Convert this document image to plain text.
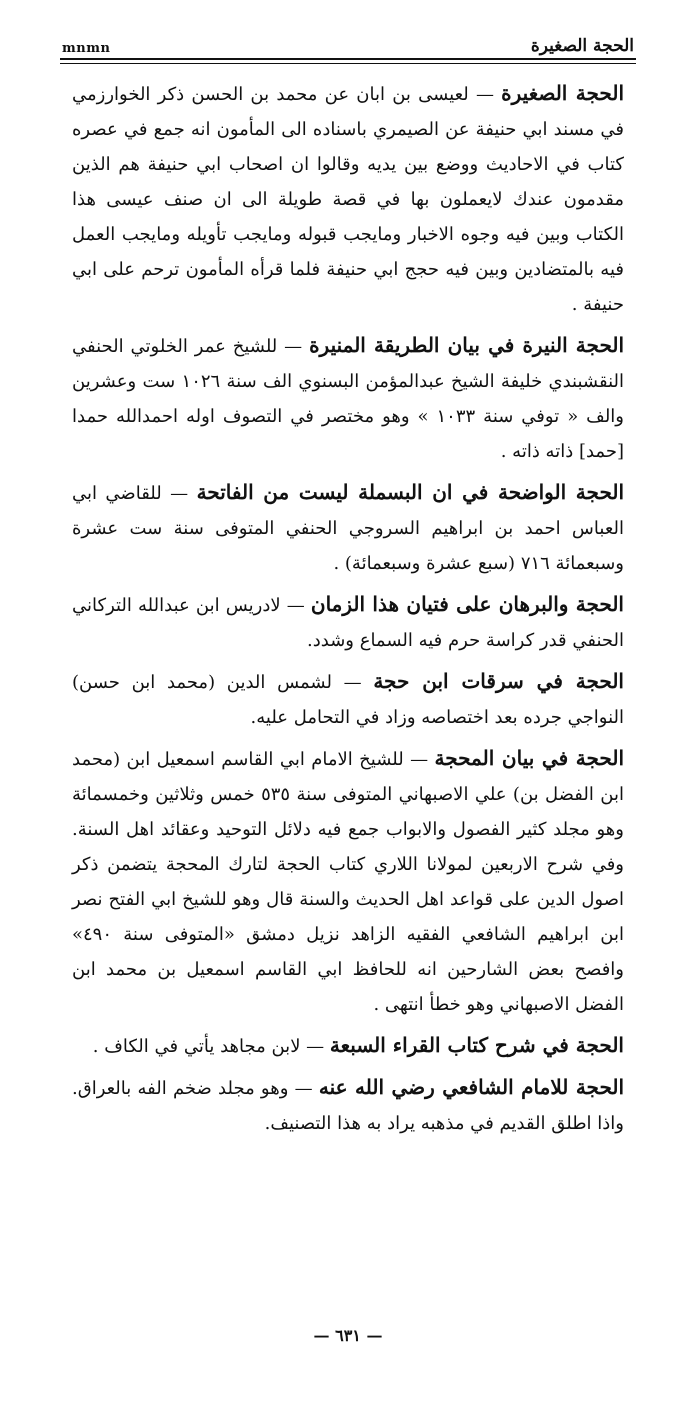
mnmn	الحجة الصغيرة

الحجة الصغيرة — لعيسى بن ابان عن محمد بن الحسن ذكر الخوارزمي في مسند ابي حنيفة عن الصيمري باسناده الى المأمون انه جمع في عصره كتاب في الاحاديث ووضع بين يديه وقالوا ان اصحاب ابي حنيفة هم الذين مقدمون عندك لايعملون بها في قصة طويلة الى ان صنف عيسى هذا الكتاب وبين فيه وجوه الاخبار ومايجب قبوله ومايجب تأويله ومايجب العمل فيه بالمتضادين وبين فيه حجج ابي حنيفة فلما قرأه المأمون ترحم على ابي حنيفة .

الحجة النيرة في بيان الطريقة المنيرة — للشيخ عمر الخلوتي الحنفي النقشبندي خليفة الشيخ عبدالمؤمن البسنوي الف سنة ١٠٢٦ ست وعشرين والف « توفي سنة ١٠٣٣ » وهو مختصر في التصوف اوله احمدالله حمدا [حمد] ذاته ذاته .

الحجة الواضحة في ان البسملة ليست من الفاتحة — للقاضي ابي العباس احمد بن ابراهيم السروجي الحنفي المتوفى سنة ست عشرة وسبعمائة ٧١٦ (سبع عشرة وسبعمائة) .

الحجة والبرهان على فتيان هذا الزمان — لادريس ابن عبدالله التركاني الحنفي قدر كراسة حرم فيه السماع وشدد.

الحجة في سرقات ابن حجة — لشمس الدين (محمد ابن حسن) النواجي جرده بعد اختصاصه وزاد في التحامل عليه.

الحجة في بيان المحجة — للشيخ الامام ابي القاسم اسمعيل ابن (محمد ابن الفضل بن) علي الاصبهاني المتوفى سنة ٥٣٥ خمس وثلاثين وخمسمائة وهو مجلد كثير الفصول والابواب جمع فيه دلائل التوحيد وعقائد اهل السنة. وفي شرح الاربعين لمولانا اللاري كتاب الحجة لتارك المحجة يتضمن ذكر اصول الدين على قواعد اهل الحديث والسنة قال وهو للشيخ ابي الفتح نصر ابن ابراهيم الشافعي الفقيه الزاهد نزيل دمشق «المتوفى سنة ٤٩٠» وافصح بعض الشارحين انه للحافظ ابي القاسم اسمعيل بن محمد ابن الفضل الاصبهاني وهو خطأ انتهى .

الحجة في شرح كتاب القراء السبعة — لابن مجاهد يأتي في الكاف .

الحجة للامام الشافعي رضي الله عنه — وهو مجلد ضخم الفه بالعراق. واذا اطلق القديم في مذهبه يراد به هذا التصنيف.

— ٦٣١ —
